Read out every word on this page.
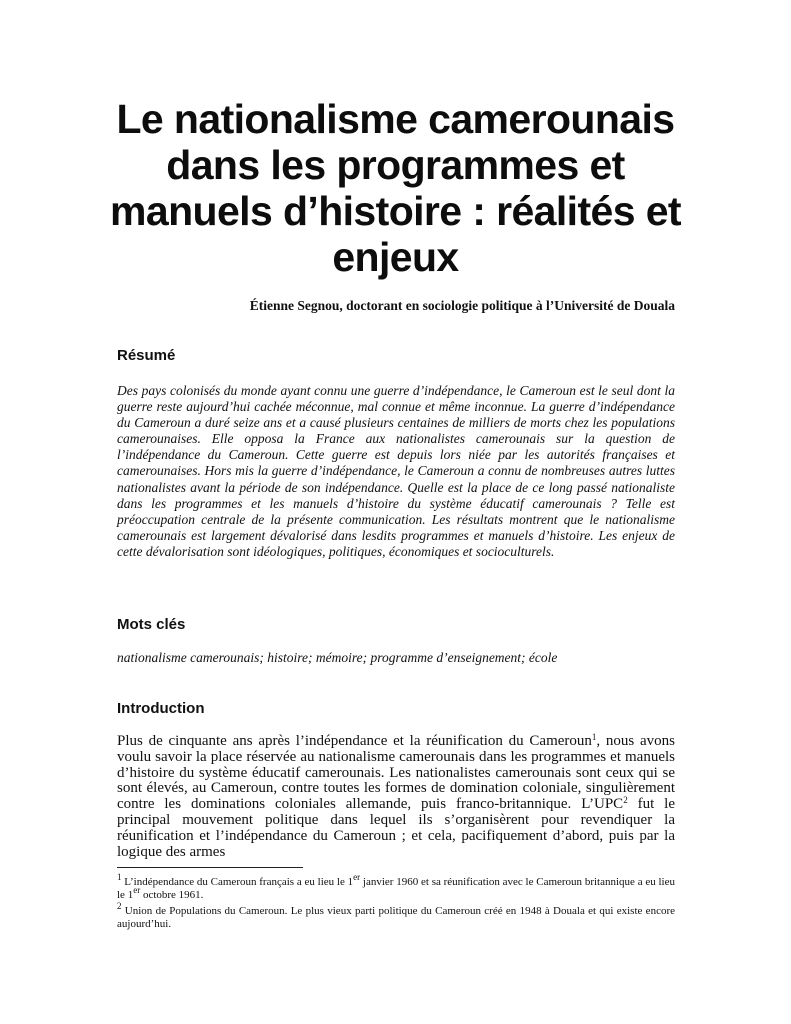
Le nationalisme camerounais dans les programmes et manuels d’histoire : réalités et enjeux
Étienne Segnou, doctorant en sociologie politique à l’Université de Douala
Résumé

Des pays colonisés du monde ayant connu une guerre d’indépendance, le Cameroun est le seul dont la guerre reste aujourd’hui cachée méconnue, mal connue et même inconnue. La guerre d’indépendance du Cameroun a duré seize ans et a causé plusieurs centaines de milliers de morts chez les populations camerounaises. Elle opposa la France aux nationalistes camerounais sur la question de l’indépendance du Cameroun. Cette guerre est depuis lors niée par les autorités françaises et camerounaises. Hors mis la guerre d’indépendance, le Cameroun a connu de nombreuses autres luttes nationalistes avant la période de son indépendance. Quelle est la place de ce long passé nationaliste dans les programmes et les manuels d’histoire du système éducatif camerounais ? Telle est préoccupation centrale de la présente communication. Les résultats montrent que le nationalisme camerounais est largement dévalorisé dans lesdits programmes et manuels d’histoire. Les enjeux de cette dévalorisation sont idéologiques, politiques, économiques et socioculturels.

Mots clés

nationalisme camerounais; histoire; mémoire; programme d’enseignement; école

Introduction

Plus de cinquante ans après l’indépendance et la réunification du Cameroun$^1$, nous avons voulu savoir la place réservée au nationalisme camerounais dans les programmes et manuels d’histoire du système éducatif camerounais. Les nationalistes camerounais sont ceux qui se sont élevés, au Cameroun, contre toutes les formes de domination coloniale, singulièrement contre les dominations coloniales allemande, puis franco-britannique. L’UPC$^2$ fut le principal mouvement politique dans lequel ils s’organisèrent pour revendiquer la réunification et l’indépendance du Cameroun ; et cela, pacifiquement d’abord, puis par la logique des armes

$^1$ L’indépendance du Cameroun français a eu lieu le 1er janvier 1960 et sa réunification avec le Cameroun britannique a eu lieu le 1er octobre 1961.

$^2$ Union de Populations du Cameroun. Le plus vieux parti politique du Cameroun créé en 1948 à Douala et qui existe encore aujourd’hui.
